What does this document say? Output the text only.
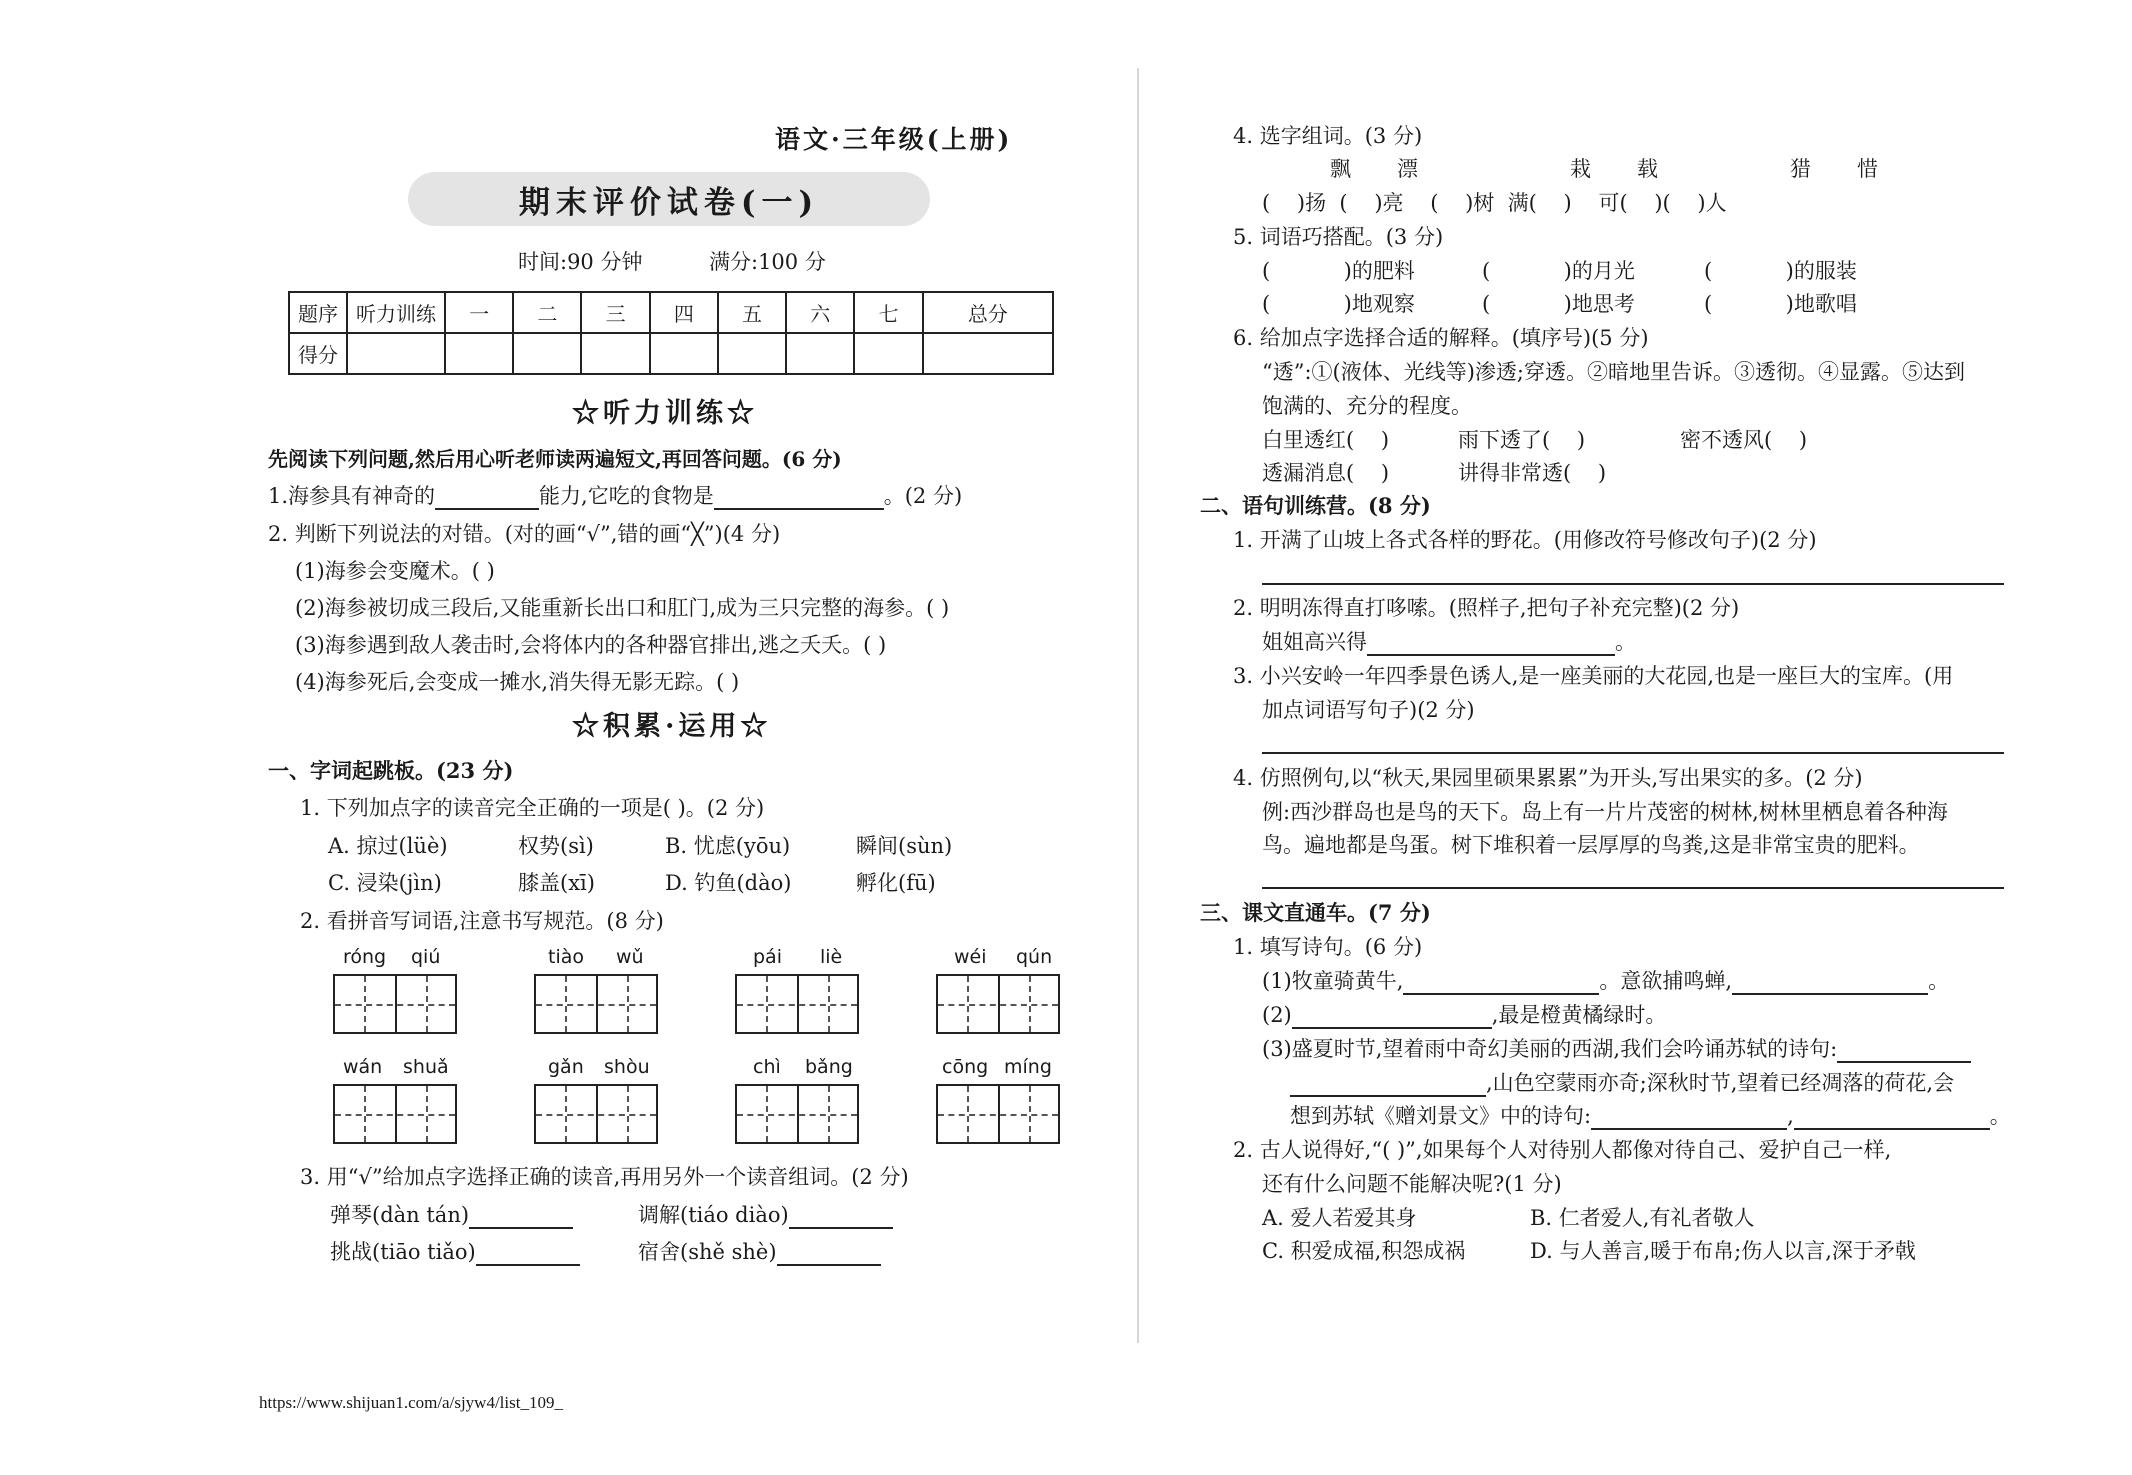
语文·三年级(上册)
期末评价试卷(一)
时间:90 分钟	满分:100 分
题序	听力训练	一	二	三	四	五	六	七	总分
得分									
☆听力训练☆
先阅读下列问题,然后用心听老师读两遍短文,再回答问题。(6 分)
1.海参具有神奇的	能力,它吃的食物是	。(2 分)
2. 判断下列说法的对错。(对的画“√”,错的画“╳”)(4 分)
(1)海参会变魔术。( )
(2)海参被切成三段后,又能重新长出口和肛门,成为三只完整的海参。( )
(3)海参遇到敌人袭击时,会将体内的各种器官排出,逃之夭夭。( )
(4)海参死后,会变成一摊水,消失得无影无踪。( )
☆积累·运用☆
一、字词起跳板。(23 分)
1. 下列加点字的读音完全正确的一项是( )。(2 分)
A. 掠过(lüè)	权势(sì)	B. 忧虑(yōu)	瞬间(sùn)
C. 浸染(jìn)	膝盖(xī)	D. 钓鱼(dào)	孵化(fū)
2. 看拼音写词语,注意书写规范。(8 分)
róng qiú	tiào wǔ	pái liè	wéi qún
wán shuǎ	gǎn shòu	chì bǎng	cōng míng
3. 用“√”给加点字选择正确的读音,再用另外一个读音组词。(2 分)
弹琴(dàn tán)	调解(tiáo diào)
挑战(tiāo tiǎo)	宿舍(shě shè)
4. 选字组词。(3 分)
飘 漂	栽 载	猎 惜
(    )扬  (    )亮    (    )树  满(    )    可(    )(    )人
5. 词语巧搭配。(3 分)
(           )的肥料	(           )的月光	(           )的服装
(           )地观察	(           )地思考	(           )地歌唱
6. 给加点字选择合适的解释。(填序号)(5 分)
“透”:①(液体、光线等)渗透;穿透。②暗地里告诉。③透彻。④显露。⑤达到
饱满的、充分的程度。
白里透红(    )	雨下透了(    )	密不透风(    )
透漏消息(    )	讲得非常透(    )
二、语句训练营。(8 分)
1. 开满了山坡上各式各样的野花。(用修改符号修改句子)(2 分)
2. 明明冻得直打哆嗦。(照样子,把句子补充完整)(2 分)
姐姐高兴得	。
3. 小兴安岭一年四季景色诱人,是一座美丽的大花园,也是一座巨大的宝库。(用
加点词语写句子)(2 分)
4. 仿照例句,以“秋天,果园里硕果累累”为开头,写出果实的多。(2 分)
例:西沙群岛也是鸟的天下。岛上有一片片茂密的树林,树林里栖息着各种海
鸟。遍地都是鸟蛋。树下堆积着一层厚厚的鸟粪,这是非常宝贵的肥料。
三、课文直通车。(7 分)
1. 填写诗句。(6 分)
(1)牧童骑黄牛,	。意欲捕鸣蝉,	。
(2)	,最是橙黄橘绿时。
(3)盛夏时节,望着雨中奇幻美丽的西湖,我们会吟诵苏轼的诗句:
,山色空蒙雨亦奇;深秋时节,望着已经凋落的荷花,会
想到苏轼《赠刘景文》中的诗句:	,	。
2. 古人说得好,“( )”,如果每个人对待别人都像对待自己、爱护自己一样,
还有什么问题不能解决呢?(1 分)
A. 爱人若爱其身	B. 仁者爱人,有礼者敬人
C. 积爱成福,积怨成祸	D. 与人善言,暖于布帛;伤人以言,深于矛戟
https://www.shijuan1.com/a/sjyw4/list_109_
